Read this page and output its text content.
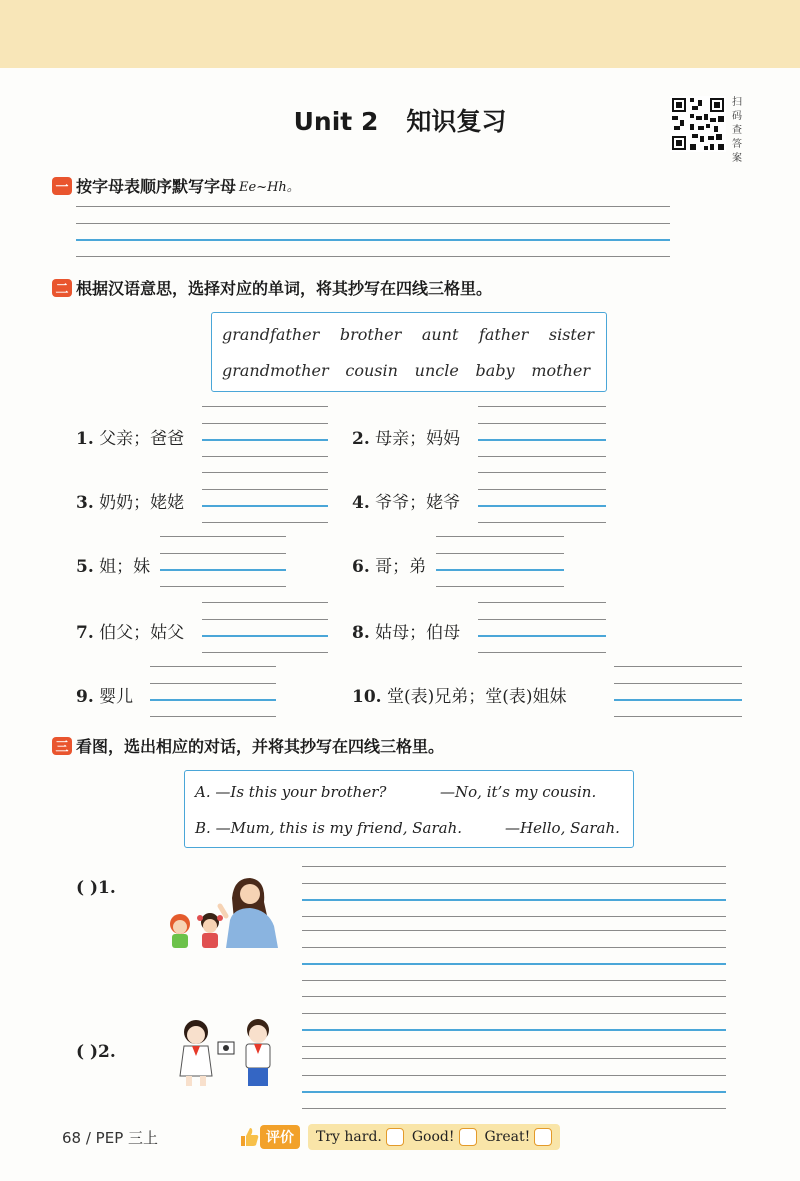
Unit 2 知识复习
扫
码
查
答
案
一 按字母表顺序默写字母 Ee~Hh。
二 根据汉语意思，选择对应的单词，将其抄写在四线三格里。
grandfather brother aunt father sister
grandmother cousin uncle baby mother
1. 父亲；爸爸	2. 母亲；妈妈
3. 奶奶；姥姥	4. 爷爷；姥爷
5. 姐；妹	6. 哥；弟
7. 伯父；姑父	8. 姑母；伯母
9. 婴儿	10. 堂(表)兄弟；堂(表)姐妹
三 看图，选出相应的对话，并将其抄写在四线三格里。
A. —Is this your brother?	—No, it’s my cousin.
B. —Mum, this is my friend, Sarah.	—Hello, Sarah.
( )1.
( )2.
68 / PEP 三上	评价	Try hard. Good! Great!
